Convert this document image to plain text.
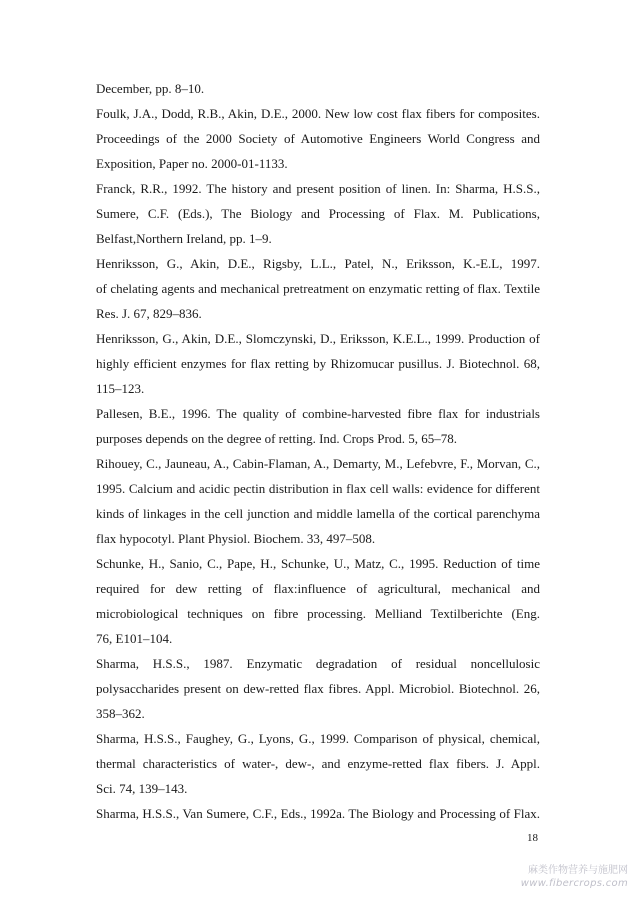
December, pp. 8–10.
Foulk, J.A., Dodd, R.B., Akin, D.E., 2000. New low cost flax fibers for composites.
Proceedings of the 2000 Society of Automotive Engineers World Congress and
Exposition, Paper no. 2000-01-1133.
Franck, R.R., 1992. The history and present position of linen. In: Sharma, H.S.S.,
Sumere, C.F. (Eds.), The Biology and Processing of Flax. M. Publications,
Belfast,Northern Ireland, pp. 1–9.
Henriksson, G., Akin, D.E., Rigsby, L.L., Patel, N., Eriksson, K.-E.L, 1997.
of chelating agents and mechanical pretreatment on enzymatic retting of flax. Textile
Res. J. 67, 829–836.
Henriksson, G., Akin, D.E., Slomczynski, D., Eriksson, K.E.L., 1999. Production of
highly efficient enzymes for flax retting by Rhizomucar pusillus. J. Biotechnol. 68,
115–123.
Pallesen, B.E., 1996. The quality of combine-harvested fibre flax for industrials
purposes depends on the degree of retting. Ind. Crops Prod. 5, 65–78.
Rihouey, C., Jauneau, A., Cabin-Flaman, A., Demarty, M., Lefebvre, F., Morvan, C.,
1995. Calcium and acidic pectin distribution in flax cell walls: evidence for different
kinds of linkages in the cell junction and middle lamella of the cortical parenchyma
flax hypocotyl. Plant Physiol. Biochem. 33, 497–508.
Schunke, H., Sanio, C., Pape, H., Schunke, U., Matz, C., 1995. Reduction of time
required for dew retting of flax:influence of agricultural, mechanical and
microbiological techniques on fibre processing. Melliand Textilberichte (Eng.
76, E101–104.
Sharma, H.S.S., 1987. Enzymatic degradation of residual noncellulosic
polysaccharides present on dew-retted flax fibres. Appl. Microbiol. Biotechnol. 26,
358–362.
Sharma, H.S.S., Faughey, G., Lyons, G., 1999. Comparison of physical, chemical,
thermal characteristics of water-, dew-, and enzyme-retted flax fibers. J. Appl.
Sci. 74, 139–143.
Sharma, H.S.S., Van Sumere, C.F., Eds., 1992a. The Biology and Processing of Flax.
18
麻类作物营养与施肥网
www.fibercrops.com
